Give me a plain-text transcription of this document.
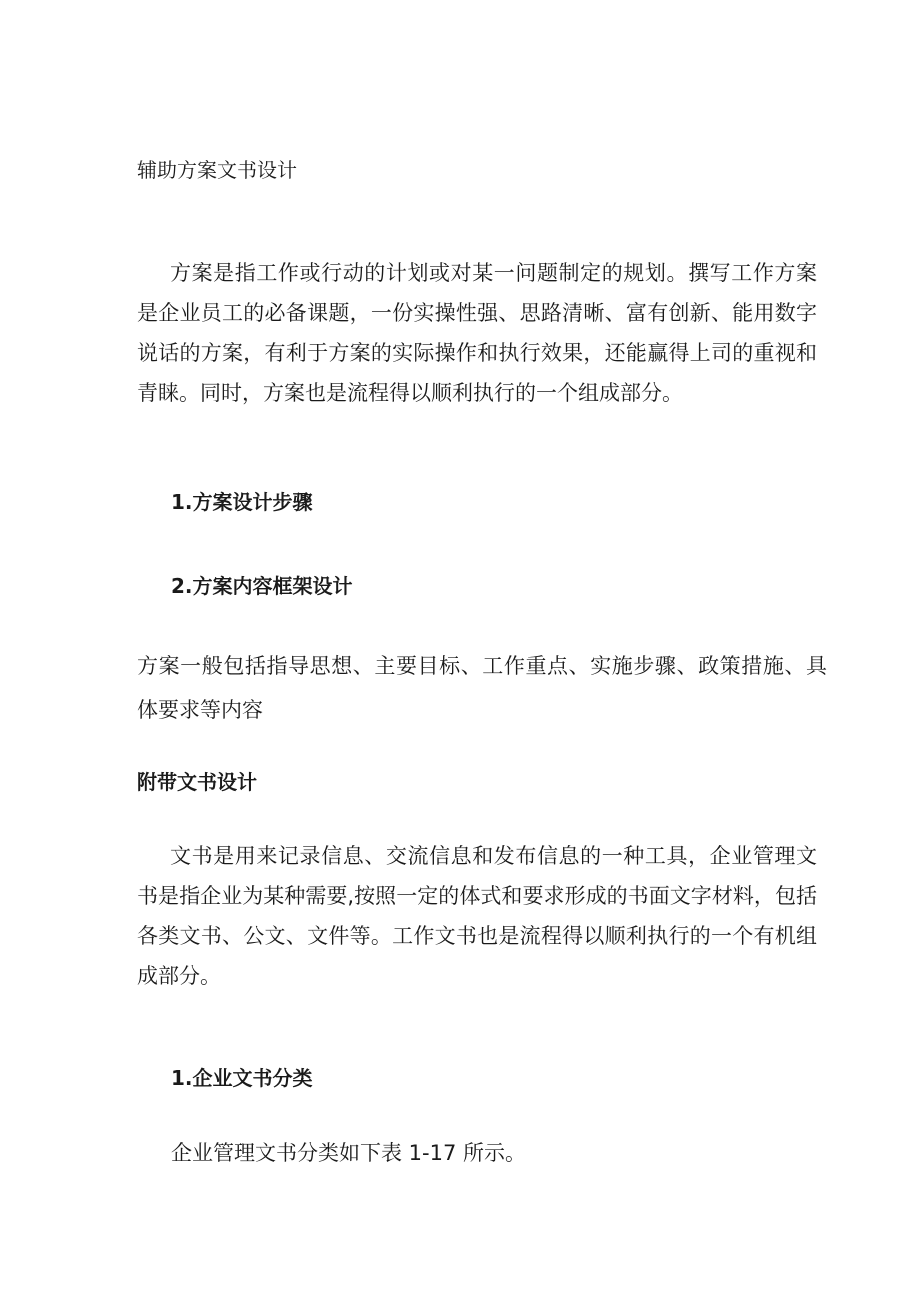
辅助方案文书设计

方案是指工作或行动的计划或对某一问题制定的规划。撰写工作方案是企业员工的必备课题，一份实操性强、思路清晰、富有创新、能用数字说话的方案，有利于方案的实际操作和执行效果，还能赢得上司的重视和青睐。同时，方案也是流程得以顺利执行的一个组成部分。

1.方案设计步骤
2.方案内容框架设计

方案一般包括指导思想、主要目标、工作重点、实施步骤、政策措施、具体要求等内容

附带文书设计

文书是用来记录信息、交流信息和发布信息的一种工具，企业管理文书是指企业为某种需要,按照一定的体式和要求形成的书面文字材料，包括各类文书、公文、文件等。工作文书也是流程得以顺利执行的一个有机组成部分。

1.企业文书分类
企业管理文书分类如下表 1-17 所示。
